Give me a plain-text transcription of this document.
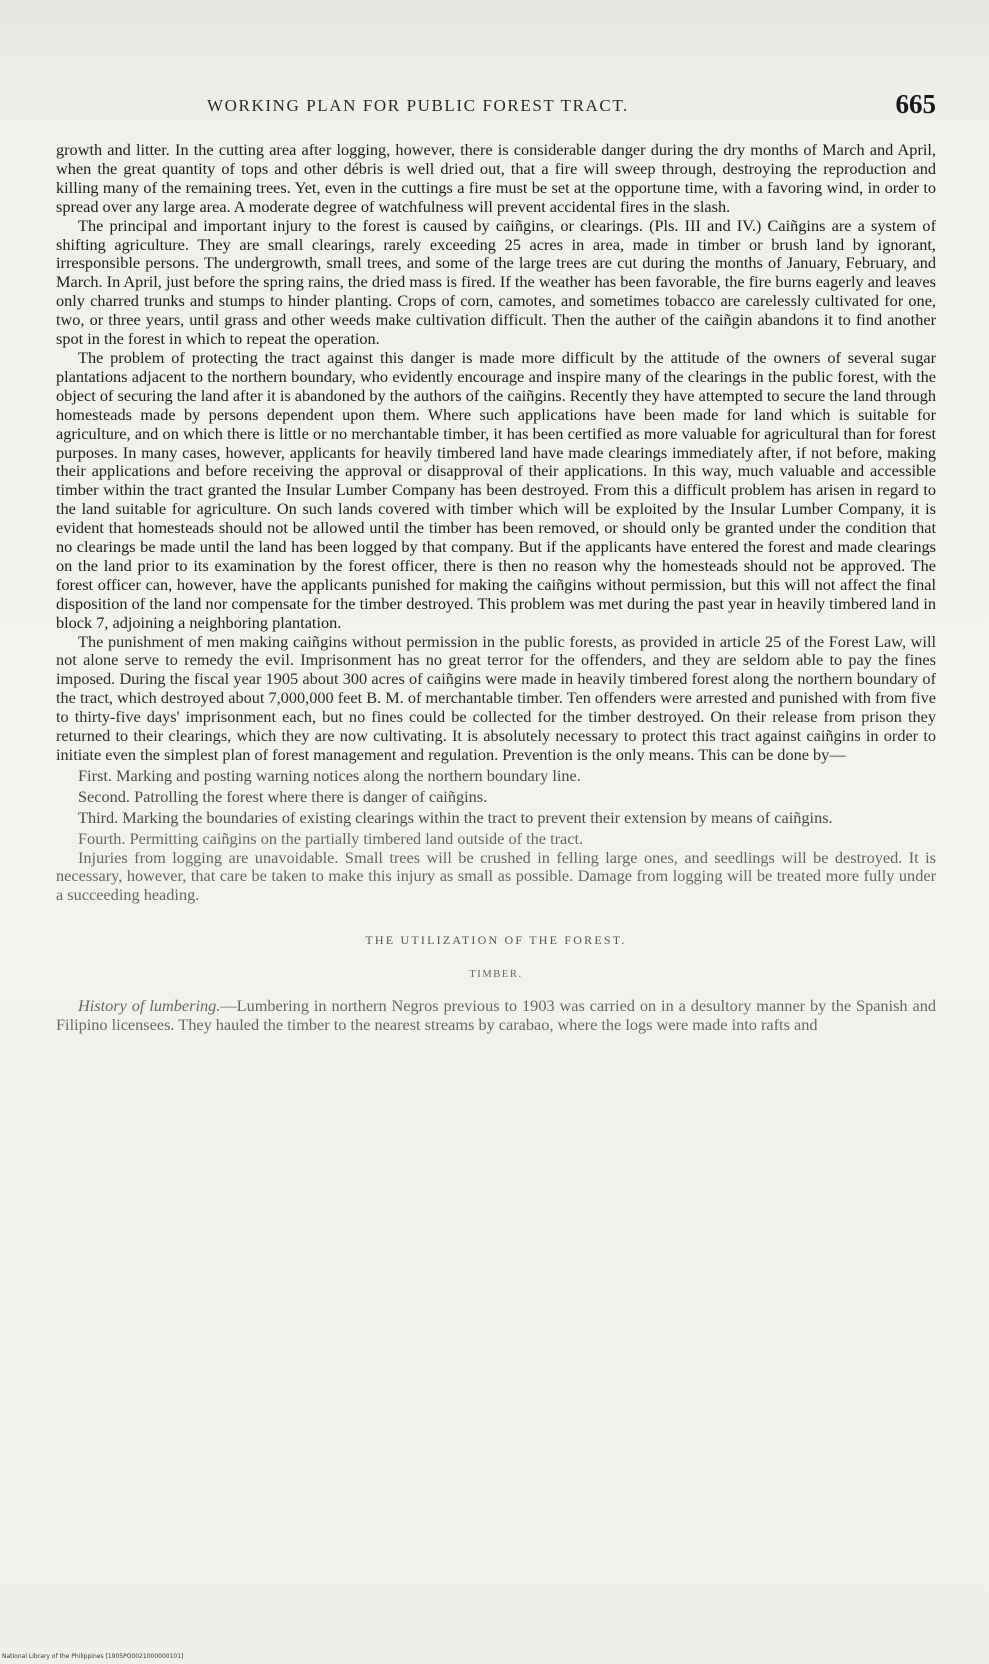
WORKING PLAN FOR PUBLIC FOREST TRACT.	665

growth and litter. In the cutting area after logging, however, there is considerable danger during the dry months of March and April, when the great quantity of tops and other débris is well dried out, that a fire will sweep through, destroying the reproduction and killing many of the remaining trees. Yet, even in the cuttings a fire must be set at the opportune time, with a favoring wind, in order to spread over any large area. A moderate degree of watchfulness will prevent accidental fires in the slash.

The principal and important injury to the forest is caused by caiñgins, or clearings. (Pls. III and IV.) Caiñgins are a system of shifting agriculture. They are small clearings, rarely exceeding 25 acres in area, made in timber or brush land by ignorant, irresponsible persons. The undergrowth, small trees, and some of the large trees are cut during the months of January, February, and March. In April, just before the spring rains, the dried mass is fired. If the weather has been favorable, the fire burns eagerly and leaves only charred trunks and stumps to hinder planting. Crops of corn, camotes, and sometimes tobacco are carelessly cultivated for one, two, or three years, until grass and other weeds make cultivation difficult. Then the auther of the caiñgin abandons it to find another spot in the forest in which to repeat the operation.

The problem of protecting the tract against this danger is made more difficult by the attitude of the owners of several sugar plantations adjacent to the northern boundary, who evidently encourage and inspire many of the clearings in the public forest, with the object of securing the land after it is abandoned by the authors of the caiñgins. Recently they have attempted to secure the land through homesteads made by persons dependent upon them. Where such applications have been made for land which is suitable for agriculture, and on which there is little or no merchantable timber, it has been certified as more valuable for agricultural than for forest purposes. In many cases, however, applicants for heavily timbered land have made clearings immediately after, if not before, making their applications and before receiving the approval or disapproval of their applications. In this way, much valuable and accessible timber within the tract granted the Insular Lumber Company has been destroyed. From this a difficult problem has arisen in regard to the land suitable for agriculture. On such lands covered with timber which will be exploited by the Insular Lumber Company, it is evident that homesteads should not be allowed until the timber has been removed, or should only be granted under the condition that no clearings be made until the land has been logged by that company. But if the applicants have entered the forest and made clearings on the land prior to its examination by the forest officer, there is then no reason why the homesteads should not be approved. The forest officer can, however, have the applicants punished for making the caiñgins without permission, but this will not affect the final disposition of the land nor compensate for the timber destroyed. This problem was met during the past year in heavily timbered land in block 7, adjoining a neighboring plantation.

The punishment of men making caiñgins without permission in the public forests, as provided in article 25 of the Forest Law, will not alone serve to remedy the evil. Imprisonment has no great terror for the offenders, and they are seldom able to pay the fines imposed. During the fiscal year 1905 about 300 acres of caiñgins were made in heavily timbered forest along the northern boundary of the tract, which destroyed about 7,000,000 feet B. M. of merchantable timber. Ten offenders were arrested and punished with from five to thirty-five days' imprisonment each, but no fines could be collected for the timber destroyed. On their release from prison they returned to their clearings, which they are now cultivating. It is absolutely necessary to protect this tract against caiñgins in order to initiate even the simplest plan of forest management and regulation. Prevention is the only means. This can be done by—

First. Marking and posting warning notices along the northern boundary line.

Second. Patrolling the forest where there is danger of caiñgins.

Third. Marking the boundaries of existing clearings within the tract to prevent their extension by means of caiñgins.

Fourth. Permitting caiñgins on the partially timbered land outside of the tract.

Injuries from logging are unavoidable. Small trees will be crushed in felling large ones, and seedlings will be destroyed. It is necessary, however, that care be taken to make this injury as small as possible. Damage from logging will be treated more fully under a succeeding heading.

THE UTILIZATION OF THE FOREST.
TIMBER.

History of lumbering.—Lumbering in northern Negros previous to 1903 was carried on in a desultory manner by the Spanish and Filipino licensees. They hauled the timber to the nearest streams by carabao, where the logs were made into rafts and

National Library of the Philippines [1905PO0021000000101]
